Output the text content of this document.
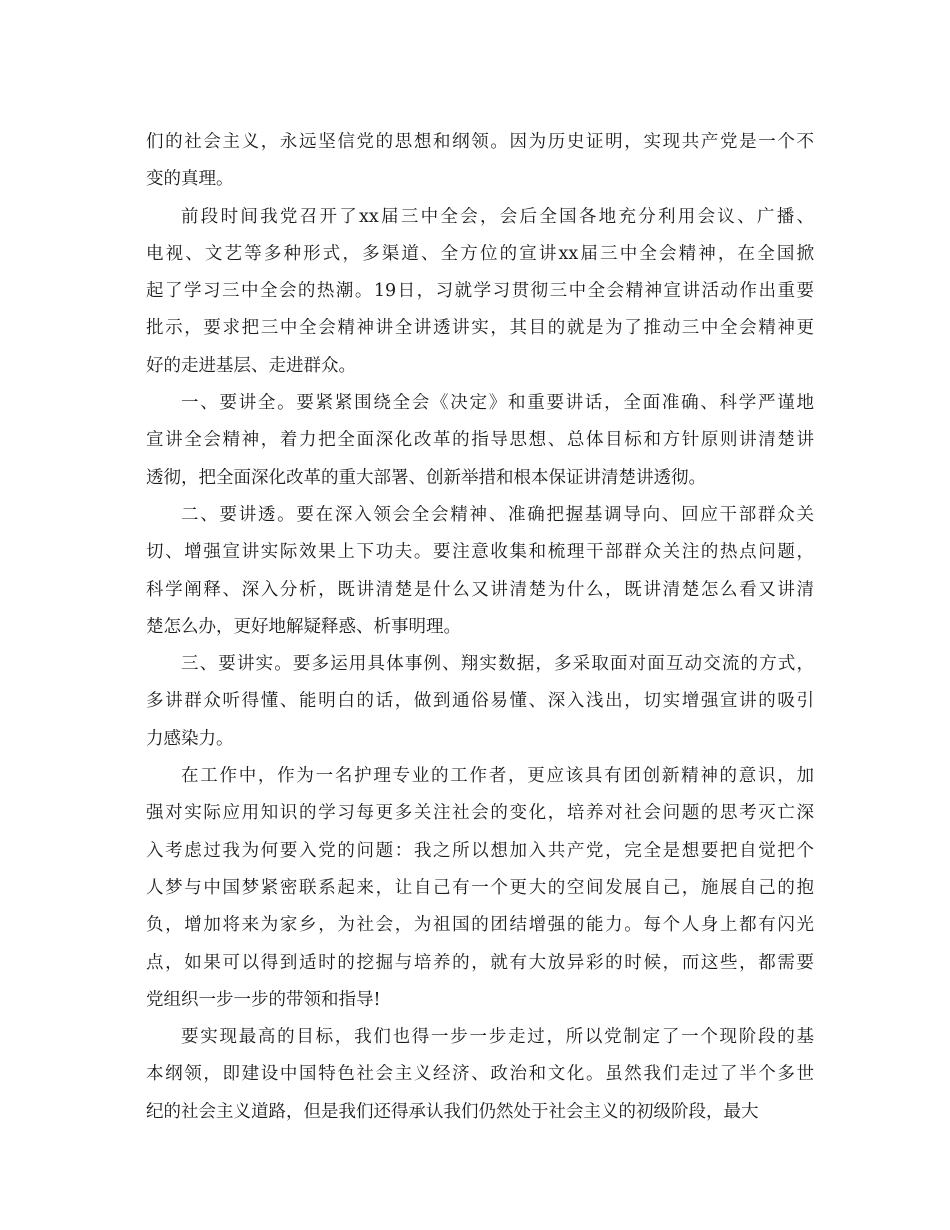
们的社会主义，永远坚信党的思想和纲领。因为历史证明，实现共产党是一个不
变的真理。
前段时间我党召开了xx届三中全会，会后全国各地充分利用会议、广播、
电视、文艺等多种形式，多渠道、全方位的宣讲xx届三中全会精神，在全国掀
起了学习三中全会的热潮。19日，习就学习贯彻三中全会精神宣讲活动作出重要
批示，要求把三中全会精神讲全讲透讲实，其目的就是为了推动三中全会精神更
好的走进基层、走进群众。
一、要讲全。要紧紧围绕全会《决定》和重要讲话，全面准确、科学严谨地
宣讲全会精神，着力把全面深化改革的指导思想、总体目标和方针原则讲清楚讲
透彻，把全面深化改革的重大部署、创新举措和根本保证讲清楚讲透彻。
二、要讲透。要在深入领会全会精神、准确把握基调导向、回应干部群众关
切、增强宣讲实际效果上下功夫。要注意收集和梳理干部群众关注的热点问题，
科学阐释、深入分析，既讲清楚是什么又讲清楚为什么，既讲清楚怎么看又讲清
楚怎么办，更好地解疑释惑、析事明理。
三、要讲实。要多运用具体事例、翔实数据，多采取面对面互动交流的方式，
多讲群众听得懂、能明白的话，做到通俗易懂、深入浅出，切实增强宣讲的吸引
力感染力。
在工作中，作为一名护理专业的工作者，更应该具有团创新精神的意识，加
强对实际应用知识的学习每更多关注社会的变化，培养对社会问题的思考灭亡深
入考虑过我为何要入党的问题：我之所以想加入共产党，完全是想要把自觉把个
人梦与中国梦紧密联系起来，让自己有一个更大的空间发展自己，施展自己的抱
负，增加将来为家乡，为社会，为祖国的团结增强的能力。每个人身上都有闪光
点，如果可以得到适时的挖掘与培养的，就有大放异彩的时候，而这些，都需要
党组织一步一步的带领和指导!
要实现最高的目标，我们也得一步一步走过，所以党制定了一个现阶段的基
本纲领，即建设中国特色社会主义经济、政治和文化。虽然我们走过了半个多世
纪的社会主义道路，但是我们还得承认我们仍然处于社会主义的初级阶段，最大
